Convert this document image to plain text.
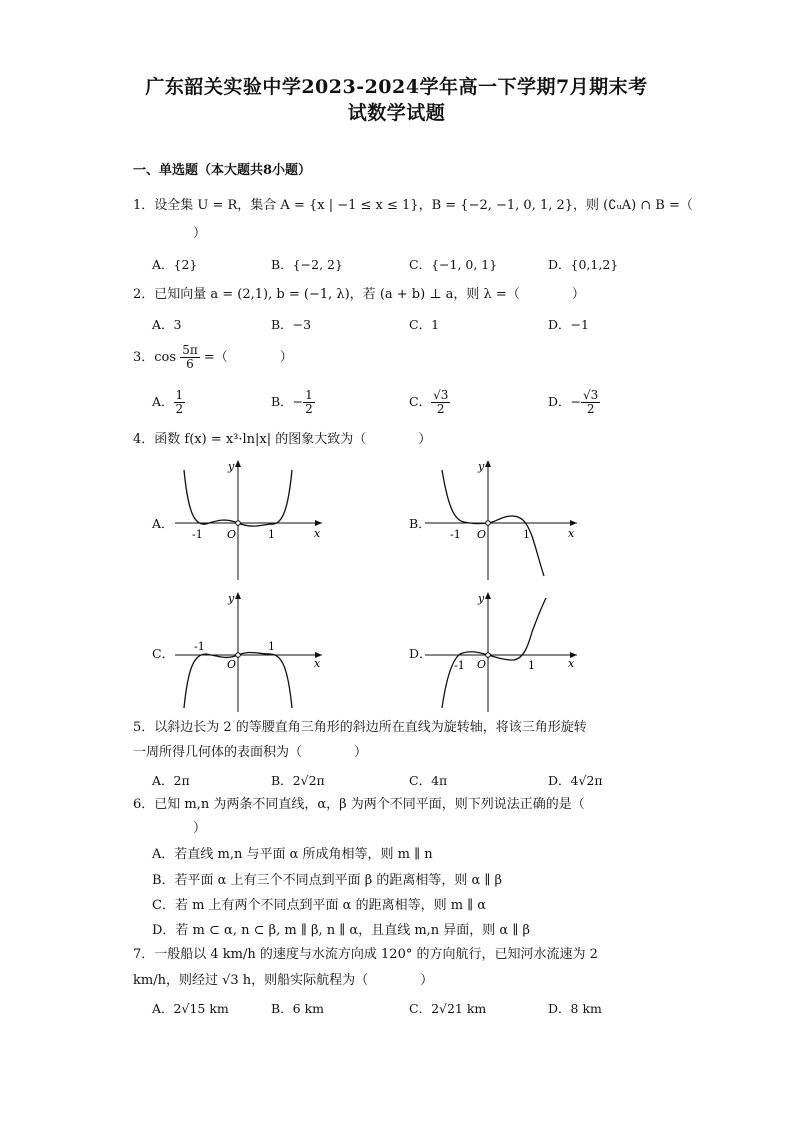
广东韶关实验中学2023-2024学年高一下学期7月期末考
试数学试题
一、单选题（本大题共8小题）
1．设全集 U = R，集合 A = {x | −1 ≤ x ≤ 1}，B = {−2, −1, 0, 1, 2}，则 (∁ᵤA) ∩ B =（
）
A．{2}	B．{−2, 2}	C．{−1, 0, 1}	D．{0,1,2}
2．已知向量 a = (2,1), b = (−1, λ)，若 (a + b) ⊥ a，则 λ =（　　　　）
A．3	B．−3	C．1	D．−1
3．$\cos \frac{5\pi}{6}$ =（　　　　）
A． $\frac{1}{2}$	B．− $\frac{1}{2}$	C． $\frac{√3}{2}$	D．− $\frac{√3}{2}$
4．函数 f(x) = x³·ln|x| 的图象大致为（　　　　）
A．	B．
C．	D．
x
y
O
-1	1	x
y
O
-1	1
x
y
O
-1	1
x
y
O
-1	1
5．以斜边长为 2 的等腰直角三角形的斜边所在直线为旋转轴，将该三角形旋转
一周所得几何体的表面积为（　　　　）
A．2π	B．2√2π	C．4π	D．4√2π
6．已知 m,n 为两条不同直线，α，β 为两个不同平面，则下列说法正确的是（
）
A．若直线 m,n 与平面 α 所成角相等，则 m ∥ n
B．若平面 α 上有三个不同点到平面 β 的距离相等，则 α ∥ β
C．若 m 上有两个不同点到平面 α 的距离相等，则 m ∥ α
D．若 m ⊂ α, n ⊂ β, m ∥ β, n ∥ α，且直线 m,n 异面，则 α ∥ β
7．一般船以 4 km/h 的速度与水流方向成 120° 的方向航行，已知河水流速为 2
km/h，则经过 √3 h，则船实际航程为（　　　　）
A．2√15 km	B．6 km	C．2√21 km	D．8 km
